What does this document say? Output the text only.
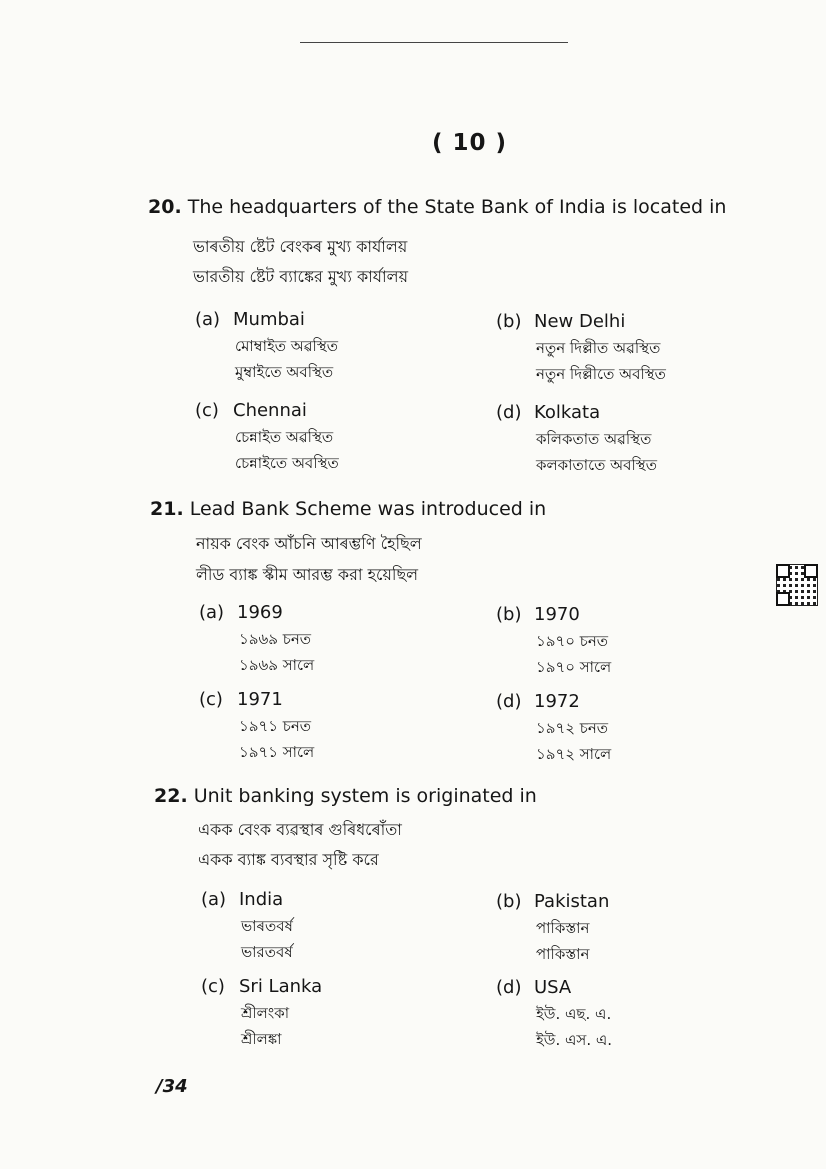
( 10 )
20. The headquarters of the State Bank of India is located in
ভাৰতীয় ষ্টেট বেংকৰ মুখ্য কাৰ্যালয়
ভারতীয় ষ্টেট ব্যাঙ্কের মুখ্য কার্যালয়
(a) Mumbai
মোম্বাইত অৱস্থিত
মুম্বাইতে অবস্থিত
(b) New Delhi
নতুন দিল্লীত অৱস্থিত
নতুন দিল্লীতে অবস্থিত
(c) Chennai
চেন্নাইত অৱস্থিত
চেন্নাইতে অবস্থিত
(d) Kolkata
কলিকতাত অৱস্থিত
কলকাতাতে অবস্থিত
21. Lead Bank Scheme was introduced in
নায়ক বেংক আঁচনি আৰম্ভণি হৈছিল
লীড ব্যাঙ্ক স্কীম আরম্ভ করা হয়েছিল
(a) 1969
১৯৬৯ চনত
১৯৬৯ সালে
(b) 1970
১৯৭০ চনত
১৯৭০ সালে
(c) 1971
১৯৭১ চনত
১৯৭১ সালে
(d) 1972
১৯৭২ চনত
১৯৭২ সালে
22. Unit banking system is originated in
একক বেংক ব্যৱস্থাৰ গুৰিধৰোঁতা
একক ব্যাঙ্ক ব্যবস্থার সৃষ্টি করে
(a) India
ভাৰতবৰ্ষ
ভারতবর্ষ
(b) Pakistan
পাকিস্তান
পাকিস্তান
(c) Sri Lanka
শ্ৰীলংকা
শ্রীলঙ্কা
(d) USA
ইউ. এছ. এ.
ইউ. এস. এ.
/34
